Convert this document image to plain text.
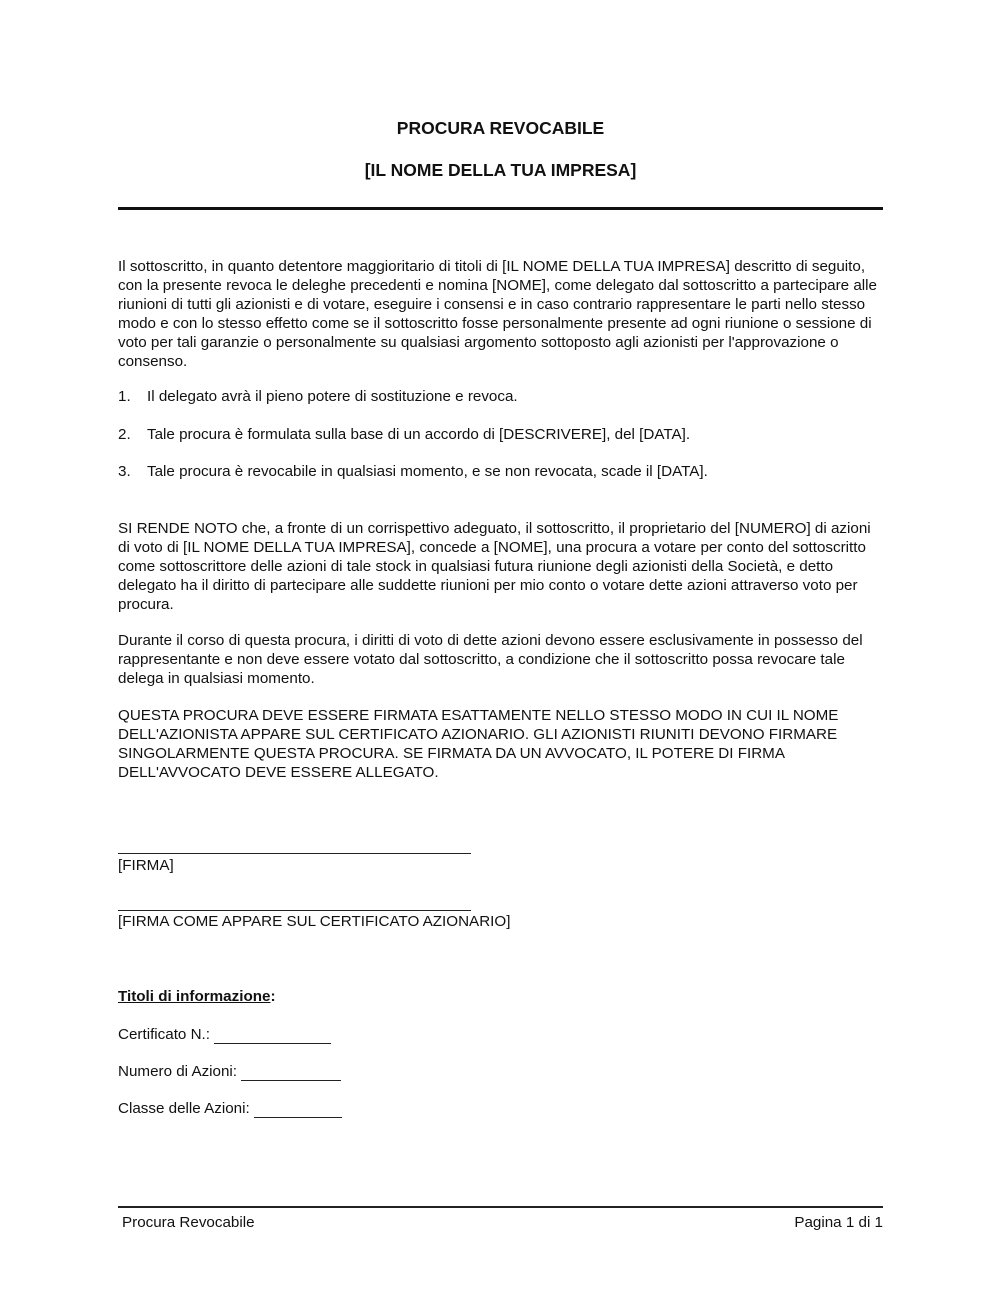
PROCURA REVOCABILE
[IL NOME DELLA TUA IMPRESA]

Il sottoscritto, in quanto detentore maggioritario di titoli di [IL NOME DELLA TUA IMPRESA] descritto di seguito, con la presente revoca le deleghe precedenti e nomina [NOME], come delegato dal sottoscritto a partecipare alle riunioni di tutti gli azionisti e di votare, eseguire i consensi e in caso contrario rappresentare le parti nello stesso modo e con lo stesso effetto come se il sottoscritto fosse personalmente presente ad ogni riunione o sessione di voto per tali garanzie o personalmente su qualsiasi argomento sottoposto agli azionisti per l'approvazione o consenso.

1.	Il delegato avrà il pieno potere di sostituzione e revoca.
2.	Tale procura è formulata sulla base di un accordo di [DESCRIVERE], del [DATA].
3.	Tale procura è revocabile in qualsiasi momento, e se non revocata, scade il [DATA].

SI RENDE NOTO che, a fronte di un corrispettivo adeguato, il sottoscritto, il proprietario del [NUMERO] di azioni di voto di [IL NOME DELLA TUA IMPRESA], concede a [NOME], una procura a votare per conto del sottoscritto come sottoscrittore delle azioni di tale stock in qualsiasi futura riunione degli azionisti della Società, e detto delegato ha il diritto di partecipare alle suddette riunioni per mio conto o votare dette azioni attraverso voto per procura.

Durante il corso di questa procura, i diritti di voto di dette azioni devono essere esclusivamente in possesso del rappresentante e non deve essere votato dal sottoscritto, a condizione che il sottoscritto possa revocare tale delega in qualsiasi momento.

QUESTA PROCURA DEVE ESSERE FIRMATA ESATTAMENTE NELLO STESSO MODO IN CUI IL NOME DELL'AZIONISTA APPARE SUL CERTIFICATO AZIONARIO. GLI AZIONISTI RIUNITI DEVONO FIRMARE SINGOLARMENTE QUESTA PROCURA. SE FIRMATA DA UN AVVOCATO, IL POTERE DI FIRMA DELL'AVVOCATO DEVE ESSERE ALLEGATO.

[FIRMA]
[FIRMA COME APPARE SUL CERTIFICATO AZIONARIO]
Titoli di informazione:
Certificato N.:
Numero di Azioni:
Classe delle Azioni:
Procura Revocabile	Pagina 1 di 1
